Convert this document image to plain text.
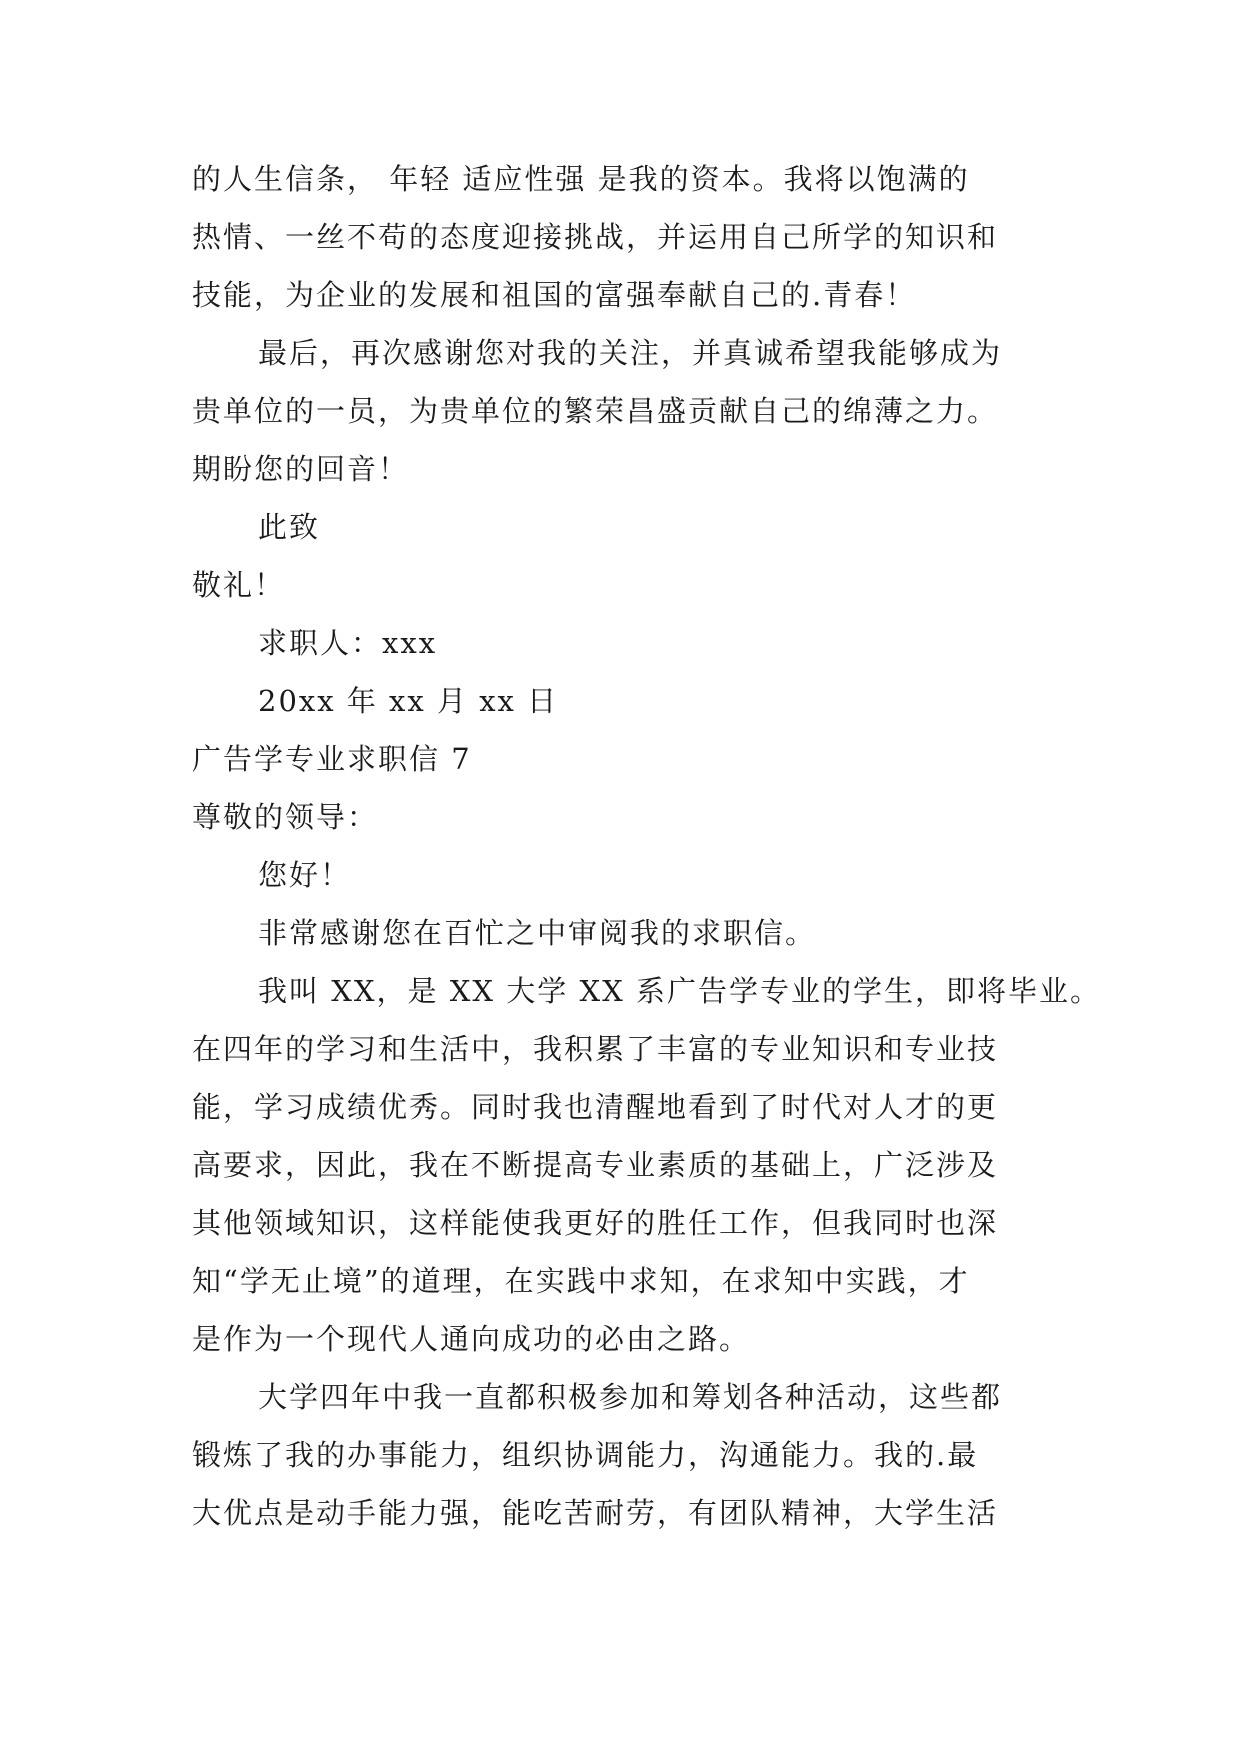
的人生信条， 年轻 适应性强 是我的资本。我将以饱满的
热情、一丝不苟的态度迎接挑战，并运用自己所学的知识和
技能，为企业的发展和祖国的富强奉献自己的.青春！
最后，再次感谢您对我的关注，并真诚希望我能够成为
贵单位的一员，为贵单位的繁荣昌盛贡献自己的绵薄之力。
期盼您的回音！
此致
敬礼！
求职人：xxx
20xx 年 xx 月 xx 日
广告学专业求职信 7
尊敬的领导：
您好！
非常感谢您在百忙之中审阅我的求职信。
我叫 XX，是 XX 大学 XX 系广告学专业的学生，即将毕业。
在四年的学习和生活中，我积累了丰富的专业知识和专业技
能，学习成绩优秀。同时我也清醒地看到了时代对人才的更
高要求，因此，我在不断提高专业素质的基础上，广泛涉及
其他领域知识，这样能使我更好的胜任工作，但我同时也深
知“学无止境”的道理，在实践中求知，在求知中实践，才
是作为一个现代人通向成功的必由之路。
大学四年中我一直都积极参加和筹划各种活动，这些都
锻炼了我的办事能力，组织协调能力，沟通能力。我的.最
大优点是动手能力强，能吃苦耐劳，有团队精神，大学生活
